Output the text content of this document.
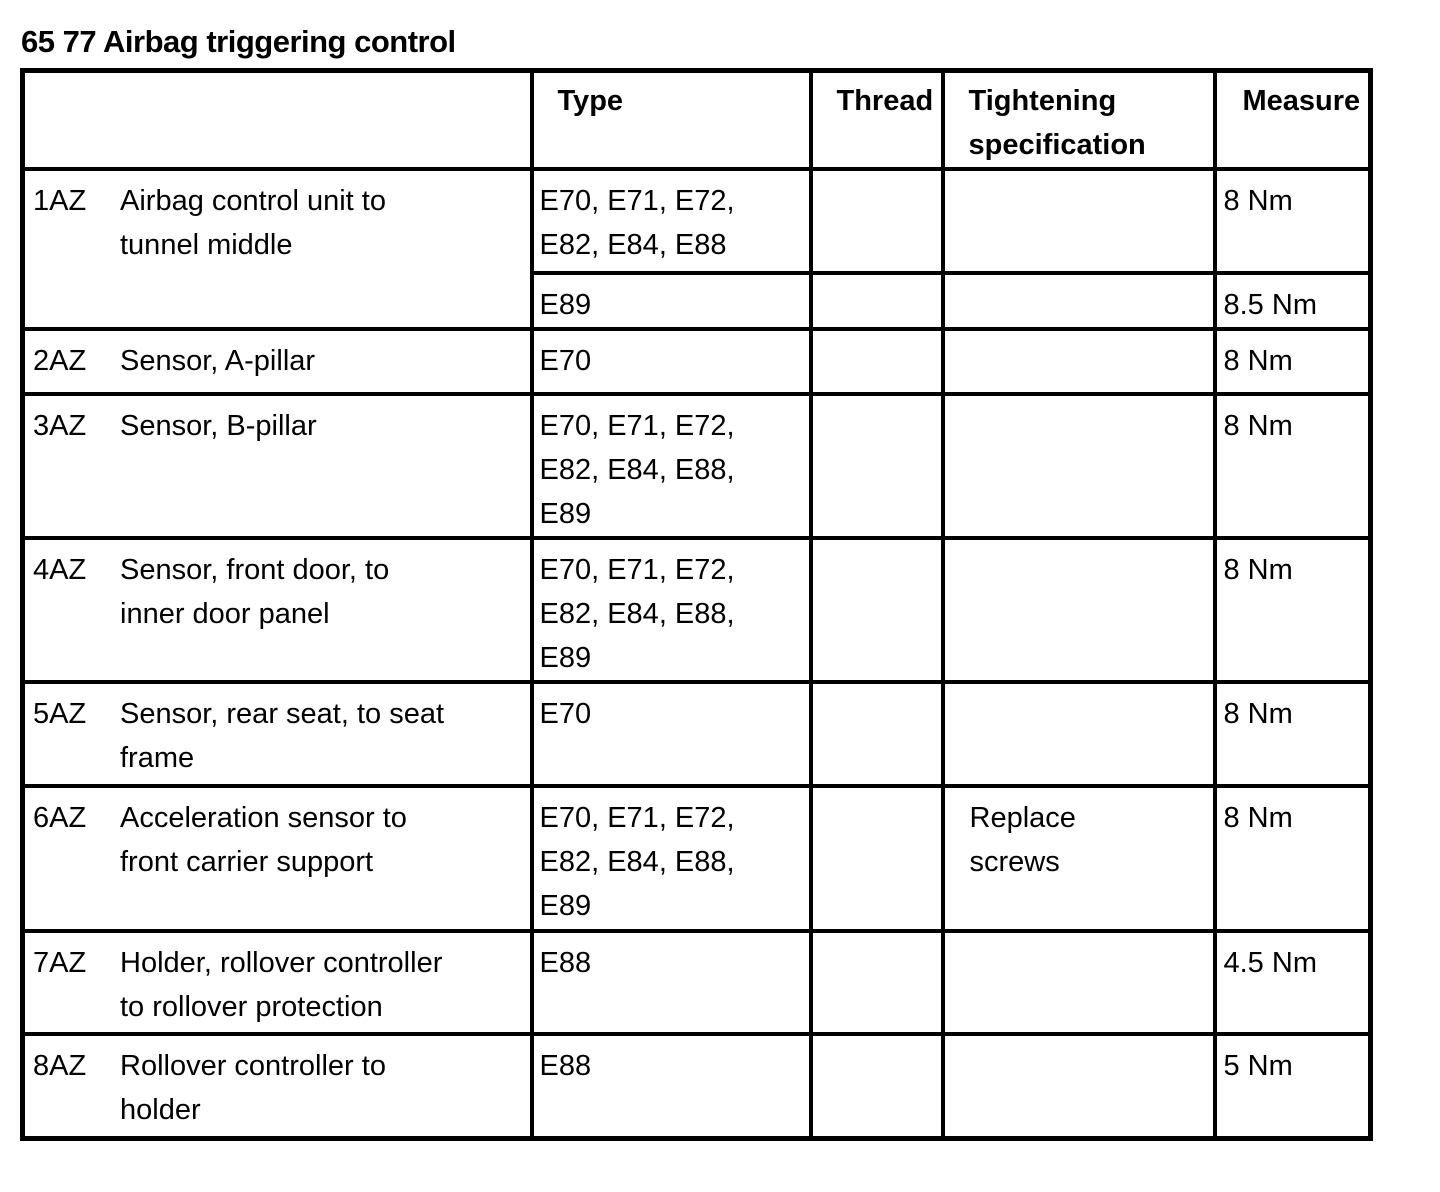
65 77 Airbag triggering control
	Type	Thread	Tightening specification	Measure

1AZ Airbag control unit to tunnel middle	E70, E71, E72, E82, E84, E88			8 Nm

	E89			8.5 Nm

2AZ Sensor, A-pillar	E70			8 Nm

3AZ Sensor, B-pillar	E70, E71, E72, E82, E84, E88, E89			8 Nm

4AZ Sensor, front door, to inner door panel	E70, E71, E72, E82, E84, E88, E89			8 Nm

5AZ Sensor, rear seat, to seat frame	E70			8 Nm

6AZ Acceleration sensor to front carrier support	E70, E71, E72, E82, E84, E88, E89		Replace screws	8 Nm

7AZ Holder, rollover controller to rollover protection	E88			4.5 Nm

8AZ Rollover controller to holder	E88			5 Nm
